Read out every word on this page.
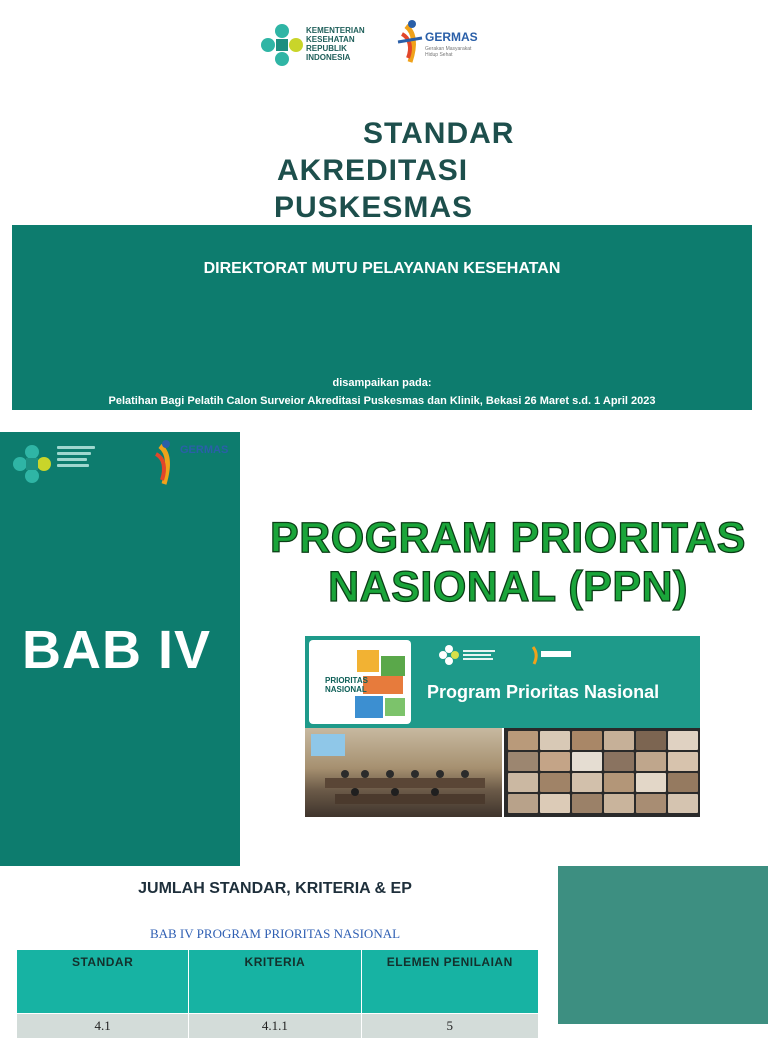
KEMENTERIAN KESEHATAN REPUBLIK INDONESIA
GERMAS
Gerakan Masyarakat Hidup Sehat
STANDAR
AKREDITASI
PUSKESMAS
DIREKTORAT MUTU PELAYANAN KESEHATAN
disampaikan pada:
Pelatihan Bagi Pelatih Calon Surveior Akreditasi Puskesmas dan Klinik, Bekasi 26 Maret s.d. 1 April 2023
GERMAS
BAB IV
PROGRAM PRIORITAS
NASIONAL (PPN)
PRIORITAS NASIONAL	Program Prioritas Nasional
JUMLAH STANDAR, KRITERIA & EP
BAB IV PROGRAM PRIORITAS NASIONAL
STANDAR	KRITERIA	ELEMEN PENILAIAN
4.1	4.1.1	5
